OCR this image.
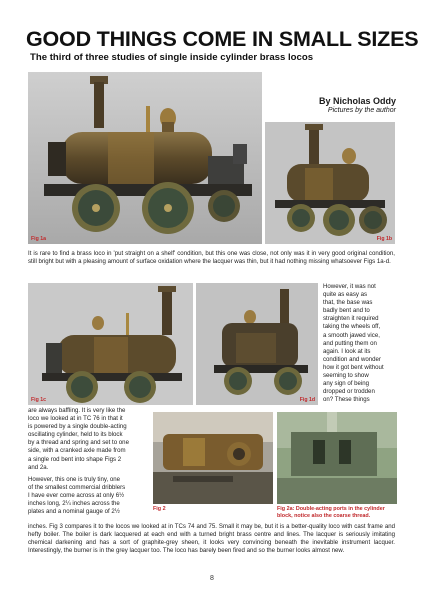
GOOD THINGS COME IN SMALL SIZES
The third of three studies of single inside cylinder brass locos
Fig 1a
By Nicholas Oddy
Pictures by the author
Fig 1b
It is rare to find a brass loco in 'put straight on a shelf' condition, but this one was close, not only was it in very good original condition, still bright but with a pleasing amount of surface oxidation where the lacquer was thin, but it had nothing missing whatsoever Figs 1a-d.
Fig 1c	Fig 1d
However, it was not
quite as easy as
that, the base was
badly bent and to
straighten it required
taking the wheels off,
a smooth jawed vice,
and putting them on
again. I look at its
condition and wonder
how it got bent without
seeming to show
any sign of being
dropped or trodden
on? These things
are always baffling. It is very like the
loco we looked at in TC 76 in that it
is powered by a single double-acting
oscillating cylinder, held to its block
by a thread and spring and set to one
side, with a cranked axle made from
a single rod bent into shape Figs 2
and 2a.
However, this one is truly tiny, one
of the smallest commercial dribblers
I have ever come across at only 6½
inches long, 2¼ inches across the
plates and a nominal gauge of 2½	Fig 2	Fig 2a: Double-acting ports in the cylinder block, notice also the coarse thread.
inches. Fig 3 compares it to the locos we looked at in TCs 74 and 75. Small it may be, but it is a better-quality loco with cast frame and hefty boiler. The boiler is dark lacquered at each end with a turned bright brass centre and lines. The lacquer is seriously imitating chemical darkening and has a sort of graphite-grey sheen, it looks very convincing beneath the inevitable instrument lacquer. Interestingly, the burner is in the grey lacquer too. The loco has barely been fired and so the burner looks almost new.
8
